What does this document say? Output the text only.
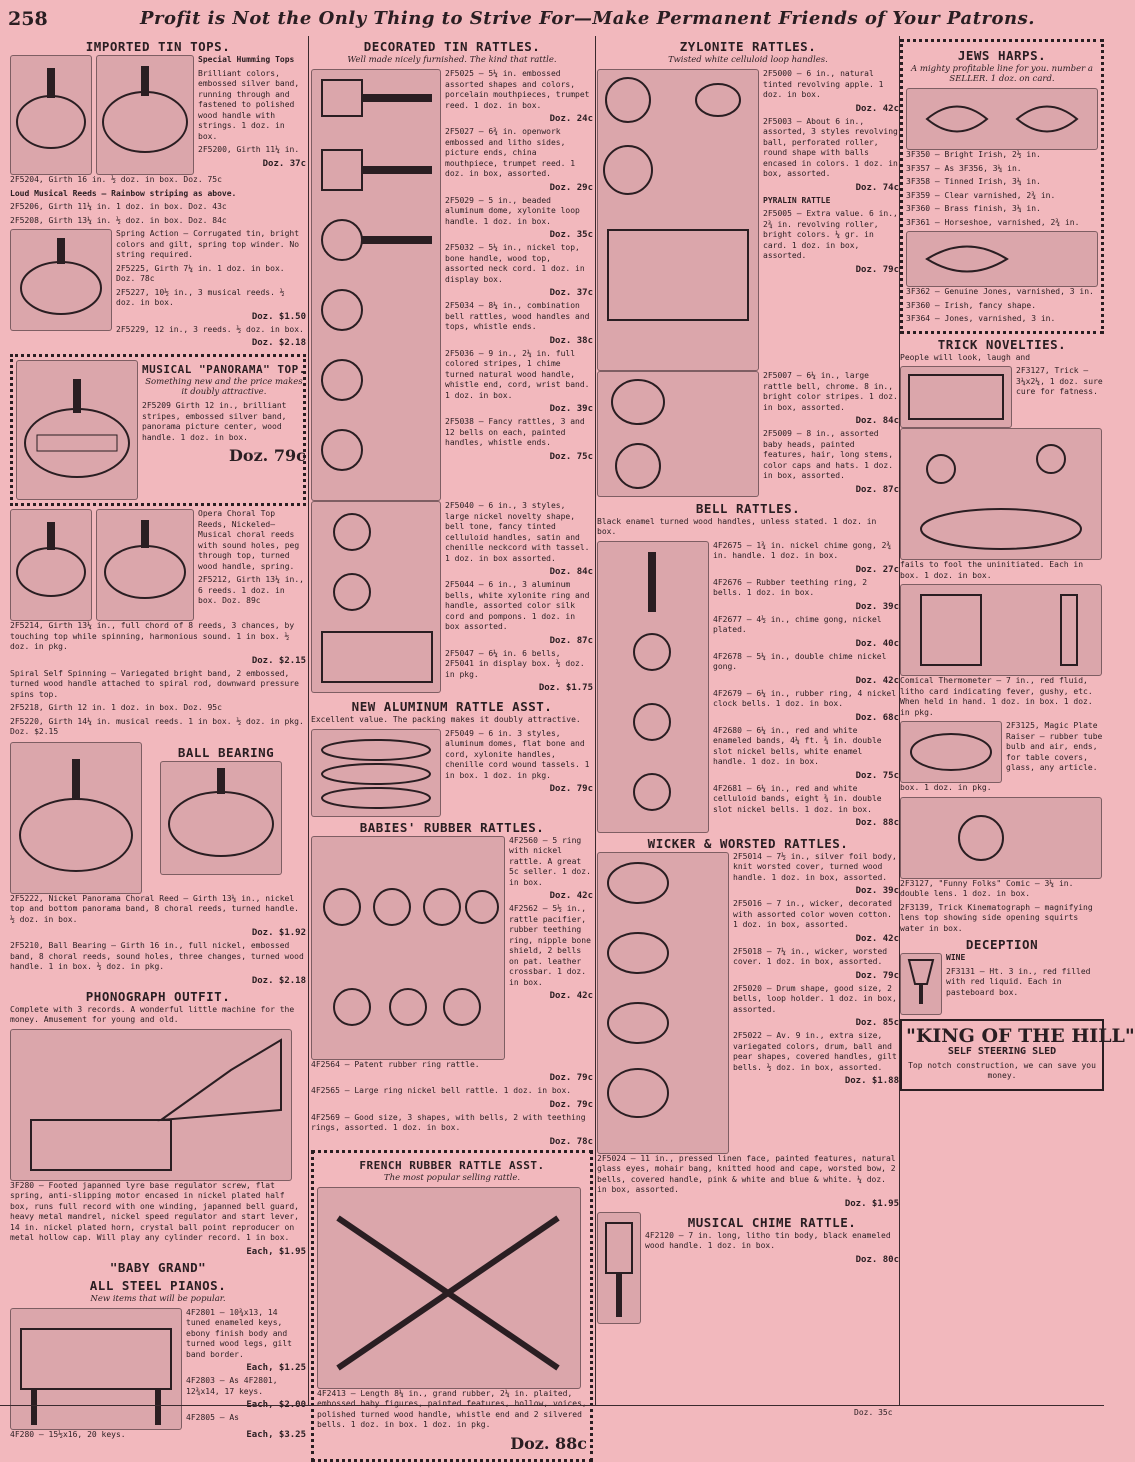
258	Profit is Not the Only Thing to Strive For—Make Permanent Friends of Your Patrons.
IMPORTED TIN TOPS.
Special Humming Tops
Brilliant colors, embossed silver band, running through and fastened to polished wood handle with strings. 1 doz. in box.
2F5200, Girth 11¼ in.
Doz. 37c
2F5204, Girth 16 in. ½ doz. in box. Doz. 75c
Loud Musical Reeds — Rainbow striping as above.
2F5206, Girth 11¼ in. 1 doz. in box. Doz. 43c
2F5208, Girth 13¼ in. ½ doz. in box. Doz. 84c
Spring Action — Corrugated tin, bright colors and gilt, spring top winder. No string required.
2F5225, Girth 7¼ in. 1 doz. in box. Doz. 78c
2F5227, 10½ in., 3 musical reeds. ½ doz. in box.
Doz. $1.50
2F5229, 12 in., 3 reeds. ½ doz. in box.
Doz. $2.18
MUSICAL "PANORAMA" TOP.
Something new and the price makes it doubly attractive.
2F5209 Girth 12 in., brilliant stripes, embossed silver band, panorama picture center, wood handle. 1 doz. in box.
Doz. 79c
Opera Choral Top Reeds, Nickeled—Musical choral reeds with sound holes, peg through top, turned wood handle, spring.
2F5212, Girth 13¼ in., 6 reeds. 1 doz. in box. Doz. 89c
2F5214, Girth 13¼ in., full chord of 8 reeds, 3 chances, by touching top while spinning, harmonious sound. 1 in box. ½ doz. in pkg.
Doz. $2.15
Spiral Self Spinning — Variegated bright band, 2 embossed, turned wood handle attached to spiral rod, downward pressure spins top.
2F5218, Girth 12 in. 1 doz. in box. Doz. 95c
2F5220, Girth 14¼ in. musical reeds. 1 in box. ½ doz. in pkg. Doz. $2.15
BALL BEARING
2F5222, Nickel Panorama Choral Reed — Girth 13¼ in., nickel top and bottom panorama band, 8 choral reeds, turned handle. ½ doz. in box.
Doz. $1.92
2F5210, Ball Bearing — Girth 16 in., full nickel, embossed band, 8 choral reeds, sound holes, three changes, turned wood handle. 1 in box. ½ doz. in pkg.
Doz. $2.18
PHONOGRAPH OUTFIT.
Complete with 3 records. A wonderful little machine for the money. Amusement for young and old.
3F280 — Footed japanned lyre base regulator screw, flat spring, anti-slipping motor encased in nickel plated half box, runs full record with one winding, japanned bell guard, heavy metal mandrel, nickel speed regulator and start lever, 14 in. nickel plated horn, crystal ball point reproducer on metal hollow cap. Will play any cylinder record. 1 in box.
Each, $1.95
"BABY GRAND"
ALL STEEL PIANOS.
New items that will be popular.
4F2801 — 10¾x13, 14 tuned enameled keys, ebony finish body and turned wood legs, gilt band border.
Each, $1.25
4F2803 — As 4F2801, 12¾x14, 17 keys.
Each, $2.00
4F2805 — As
4F280 — 15½x16, 20 keys.	Each, $3.25
DECORATED TIN RATTLES.
Well made nicely furnished. The kind that rattle.
2F5025 — 5¼ in. embossed assorted shapes and colors, porcelain mouthpieces, trumpet reed. 1 doz. in box.
Doz. 24c
2F5027 — 6¾ in. openwork embossed and litho sides, picture ends, china mouthpiece, trumpet reed. 1 doz. in box, assorted.
Doz. 29c
2F5029 — 5 in., beaded aluminum dome, xylonite loop handle. 1 doz. in box.
Doz. 35c
2F5032 — 5¼ in., nickel top, bone handle, wood top, assorted neck cord. 1 doz. in display box.
Doz. 37c
2F5034 — 8¼ in., combination bell rattles, wood handles and tops, whistle ends.
Doz. 38c
2F5036 — 9 in., 2¼ in. full colored stripes, 1 chime turned natural wood handle, whistle end, cord, wrist band. 1 doz. in box.
Doz. 39c
2F5038 — Fancy rattles, 3 and 12 bells on each, painted handles, whistle ends.
Doz. 75c
2F5040 — 6 in., 3 styles, large nickel novelty shape, bell tone, fancy tinted celluloid handles, satin and chenille neckcord with tassel. 1 doz. in box assorted.
Doz. 84c
2F5044 — 6 in., 3 aluminum bells, white xylonite ring and handle, assorted color silk cord and pompons. 1 doz. in box assorted.
Doz. 87c
2F5047 — 6¼ in. 6 bells, 2F5041 in display box. ½ doz. in pkg.
Doz. $1.75
NEW ALUMINUM RATTLE ASST.
Excellent value. The packing makes it doubly attractive.
2F5049 — 6 in. 3 styles, aluminum domes, flat bone and cord, xylonite handles, chenille cord wound tassels. 1 in box. 1 doz. in pkg.
Doz. 79c
BABIES' RUBBER RATTLES.
4F2560 — 5 ring with nickel rattle. A great 5c seller. 1 doz. in box.
Doz. 42c
4F2562 — 5½ in., rattle pacifier, rubber teething ring, nipple bone shield, 2 bells on pat. leather crossbar. 1 doz. in box.
Doz. 42c
4F2564 — Patent rubber ring rattle.
Doz. 79c
4F2565 — Large ring nickel bell rattle. 1 doz. in box.
Doz. 79c
4F2569 — Good size, 3 shapes, with bells, 2 with teething rings, assorted. 1 doz. in box.
Doz. 78c
FRENCH RUBBER RATTLE ASST.
The most popular selling rattle.
4F2413 — Length 8¼ in., grand rubber, 2¼ in. plaited, embossed baby figures, painted features, hollow, voices, polished turned wood handle, whistle end and 2 silvered bells. 1 doz. in box. 1 doz. in pkg.
Doz. 88c
ZYLONITE RATTLES.
Twisted white celluloid loop handles.
2F5000 — 6 in., natural tinted revolving apple. 1 doz. in box.
Doz. 42c
2F5003 — About 6 in., assorted, 3 styles revolving ball, perforated roller, round shape with balls encased in colors. 1 doz. in box, assorted.
Doz. 74c
PYRALIN RATTLE
2F5005 — Extra value. 6 in., 2¾ in. revolving roller, bright colors. ¼ gr. in card. 1 doz. in box, assorted.
Doz. 79c
2F5007 — 6¼ in., large rattle bell, chrome. 8 in., bright color stripes. 1 doz. in box, assorted.
Doz. 84c
2F5009 — 8 in., assorted baby heads, painted features, hair, long stems, color caps and hats. 1 doz. in box, assorted.
Doz. 87c
BELL RATTLES.
Black enamel turned wood handles, unless stated. 1 doz. in box.
4F2675 — 1¾ in. nickel chime gong, 2¾ in. handle. 1 doz. in box.
Doz. 27c
4F2676 — Rubber teething ring, 2 bells. 1 doz. in box.
Doz. 39c
4F2677 — 4½ in., chime gong, nickel plated.
Doz. 40c
4F2678 — 5¼ in., double chime nickel gong.
Doz. 42c
4F2679 — 6¼ in., rubber ring, 4 nickel clock bells. 1 doz. in box.
Doz. 68c
4F2680 — 6¼ in., red and white enameled bands, 4¼ ft. ¾ in. double slot nickel bells, white enamel handle. 1 doz. in box.
Doz. 75c
4F2681 — 6¼ in., red and white celluloid bands, eight ¾ in. double slot nickel bells. 1 doz. in box.
Doz. 88c
WICKER & WORSTED RATTLES.
2F5014 — 7½ in., silver foil body, knit worsted cover, turned wood handle. 1 doz. in box, assorted.
Doz. 39c
2F5016 — 7 in., wicker, decorated with assorted color woven cotton. 1 doz. in box, assorted.
Doz. 42c
2F5018 — 7¼ in., wicker, worsted cover. 1 doz. in box, assorted.
Doz. 79c
2F5020 — Drum shape, good size, 2 bells, loop holder. 1 doz. in box, assorted.
Doz. 85c
2F5022 — Av. 9 in., extra size, variegated colors, drum, ball and pear shapes, covered handles, gilt bells. ½ doz. in box, assorted.
Doz. $1.88
2F5024 — 11 in., pressed linen face, painted features, natural glass eyes, mohair bang, knitted hood and cape, worsted bow, 2 bells, covered handle, pink & white and blue & white. ¼ doz. in box, assorted.
Doz. $1.95
MUSICAL CHIME RATTLE.
4F2120 — 7 in. long, litho tin body, black enameled wood handle. 1 doz. in box.
Doz. 80c
JEWS HARPS.
A mighty profitable line for you. number a SELLER. 1 doz. on card.
3F350 — Bright Irish, 2½ in.
3F357 — As 3F356, 3¼ in.
3F358 — Tinned Irish, 3¼ in.
3F359 — Clear varnished, 2¾ in.
3F360 — Brass finish, 3¼ in.
3F361 — Horseshoe, varnished, 2¾ in.
3F362 — Genuine Jones, varnished, 3 in.
3F360 — Irish, fancy shape.
3F364 — Jones, varnished, 3 in.
TRICK NOVELTIES.
People will look, laugh and
2F3127, Trick — 3¼x2¼, 1 doz. sure cure for fatness.
fails to fool the uninitiated. Each in box. 1 doz. in box.
Comical Thermometer — 7 in., red fluid, litho card indicating fever, gushy, etc. When held in hand. 1 doz. in box. 1 doz. in pkg.
2F3125, Magic Plate Raiser — rubber tube bulb and air, ends, for table covers, glass, any article.
box. 1 doz. in pkg.
2F3127, "Funny Folks" Comic — 3¼ in. double lens. 1 doz. in box.
2F3139, Trick Kinematograph — magnifying lens top showing side opening squirts water in box.
DECEPTION
WINE
2F3131 — Ht. 3 in., red filled with red liquid. Each in pasteboard box.
"KING OF THE HILL"
SELF STEERING SLED
Top notch construction, we can save you money.
Doz. 35c
